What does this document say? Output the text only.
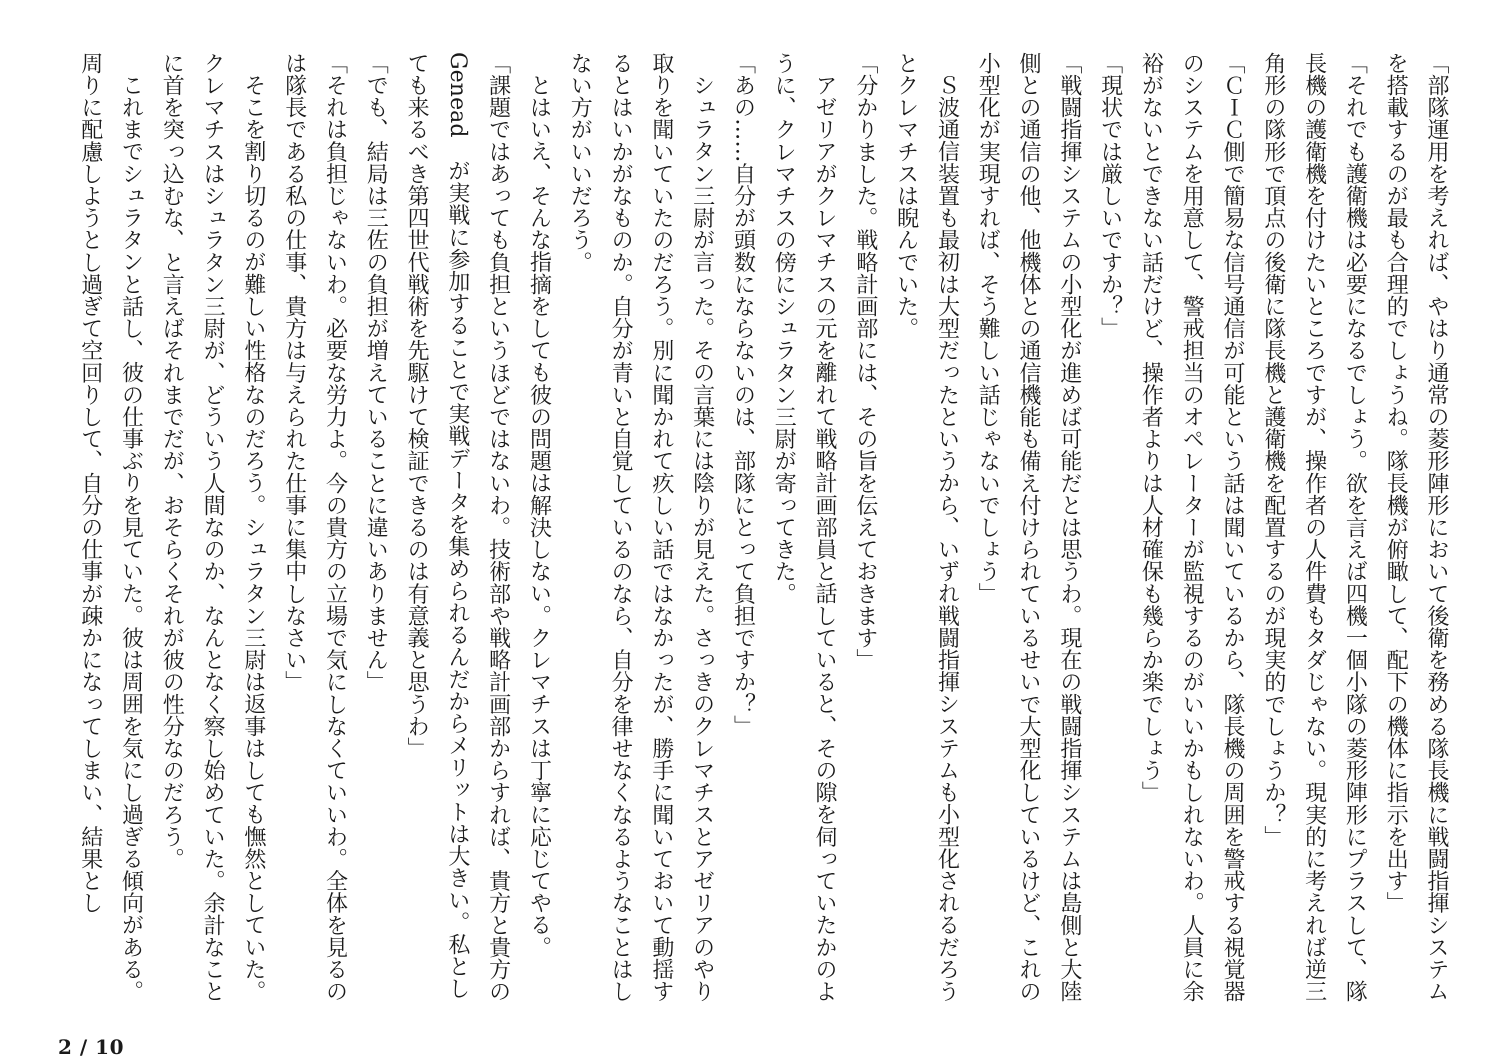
「部隊運用を考えれば、やはり通常の菱形陣形において後衛を務める隊長機に戦闘指揮システムを搭載するのが最も合理的でしょうね。隊長機が俯瞰して、配下の機体に指示を出す」

「それでも護衛機は必要になるでしょう。欲を言えば四機一個小隊の菱形陣形にプラスして、隊長機の護衛機を付けたいところですが、操作者の人件費もタダじゃない。現実的に考えれば逆三角形の隊形で頂点の後衛に隊長機と護衛機を配置するのが現実的でしょうか？」

「ＣＩＣ側で簡易な信号通信が可能という話は聞いているから、隊長機の周囲を警戒する視覚器のシステムを用意して、警戒担当のオペレーターが監視するのがいいかもしれないわ。人員に余裕がないとできない話だけど、操作者よりは人材確保も幾らか楽でしょう」

「現状では厳しいですか？」

「戦闘指揮システムの小型化が進めば可能だとは思うわ。現在の戦闘指揮システムは島側と大陸側との通信の他、他機体との通信機能も備え付けられているせいで大型化しているけど、これの小型化が実現すれば、そう難しい話じゃないでしょう」

Ｓ波通信装置も最初は大型だったというから、いずれ戦闘指揮システムも小型化されるだろうとクレマチスは睨んでいた。

「分かりました。戦略計画部には、その旨を伝えておきます」

アゼリアがクレマチスの元を離れて戦略計画部員と話していると、その隙を伺っていたかのように、クレマチスの傍にシュラタン三尉が寄ってきた。

「あの……自分が頭数にならないのは、部隊にとって負担ですか？」

シュラタン三尉が言った。その言葉には陰りが見えた。さっきのクレマチスとアゼリアのやり取りを聞いていたのだろう。別に聞かれて疚しい話ではなかったが、勝手に聞いておいて動揺するとはいかがなものか。自分が青いと自覚しているのなら、自分を律せなくなるようなことはしない方がいいだろう。

とはいえ、そんな指摘をしても彼の問題は解決しない。クレマチスは丁寧に応じてやる。

「課題ではあっても負担というほどではないわ。技術部や戦略計画部からすれば、貴方と貴方の　Genead　が実戦に参加することで実戦データを集められるんだからメリットは大きい。私としても来るべき第四世代戦術を先駆けて検証できるのは有意義と思うわ」

「でも、結局は三佐の負担が増えていることに違いありません」

「それは負担じゃないわ。必要な労力よ。今の貴方の立場で気にしなくていいわ。全体を見るのは隊長である私の仕事、貴方は与えられた仕事に集中しなさい」

そこを割り切るのが難しい性格なのだろう。シュラタン三尉は返事はしても憮然としていた。クレマチスはシュラタン三尉が、どういう人間なのか、なんとなく察し始めていた。余計なことに首を突っ込むな、と言えばそれまでだが、おそらくそれが彼の性分なのだろう。

これまでシュラタンと話し、彼の仕事ぶりを見ていた。彼は周囲を気にし過ぎる傾向がある。周りに配慮しようとし過ぎて空回りして、自分の仕事が疎かになってしまい、結果とし

2 / 10
